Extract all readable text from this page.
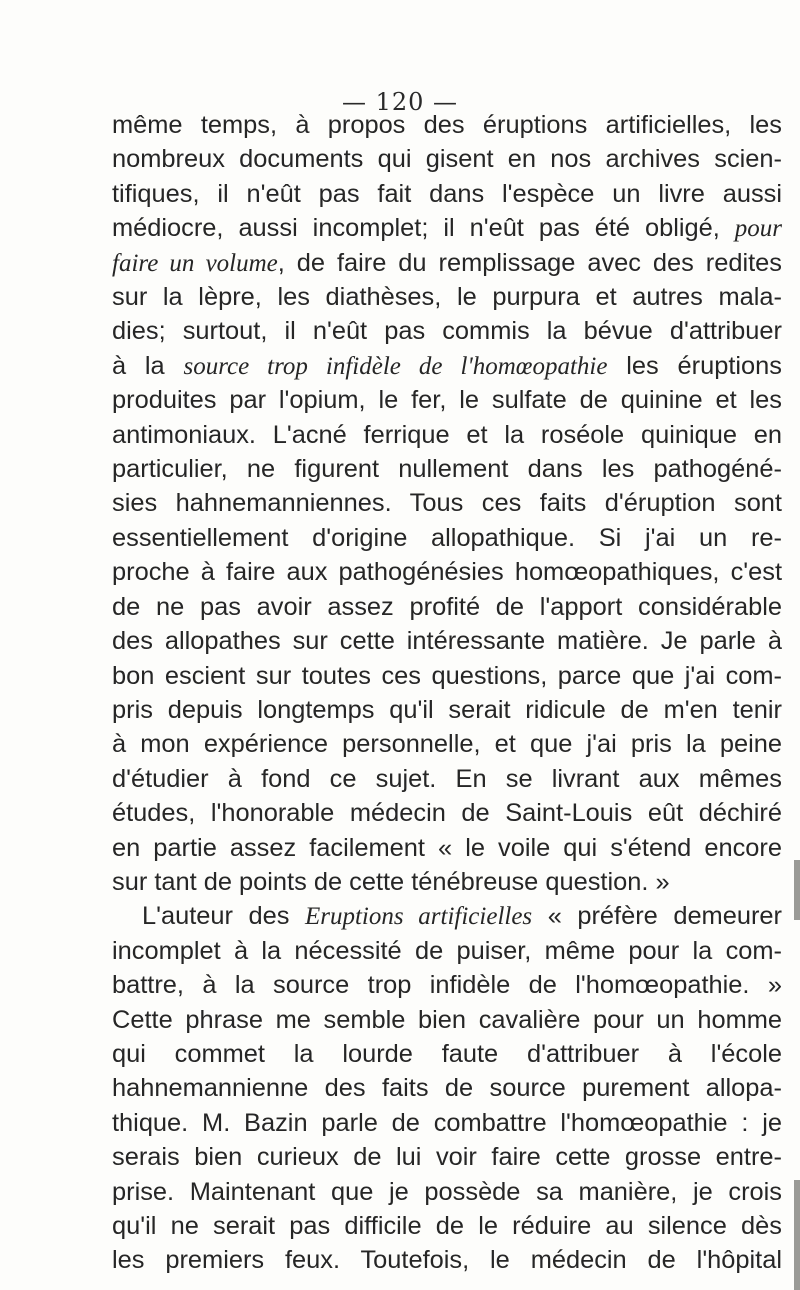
— 120 —
même temps, à propos des éruptions artificielles, les
nombreux documents qui gisent en nos archives scien-
tifiques, il n'eût pas fait dans l'espèce un livre aussi
médiocre, aussi incomplet; il n'eût pas été obligé, pour
faire un volume, de faire du remplissage avec des redites
sur la lèpre, les diathèses, le purpura et autres mala-
dies; surtout, il n'eût pas commis la bévue d'attribuer
à la source trop infidèle de l'homœopathie les éruptions
produites par l'opium, le fer, le sulfate de quinine et les
antimoniaux. L'acné ferrique et la roséole quinique en
particulier, ne figurent nullement dans les pathogéné-
sies hahnemanniennes. Tous ces faits d'éruption sont
essentiellement d'origine allopathique. Si j'ai un re-
proche à faire aux pathogénésies homœopathiques, c'est
de ne pas avoir assez profité de l'apport considérable
des allopathes sur cette intéressante matière. Je parle à
bon escient sur toutes ces questions, parce que j'ai com-
pris depuis longtemps qu'il serait ridicule de m'en tenir
à mon expérience personnelle, et que j'ai pris la peine
d'étudier à fond ce sujet. En se livrant aux mêmes
études, l'honorable médecin de Saint-Louis eût déchiré
en partie assez facilement « le voile qui s'étend encore
sur tant de points de cette ténébreuse question. »
L'auteur des Eruptions artificielles « préfère demeurer
incomplet à la nécessité de puiser, même pour la com-
battre, à la source trop infidèle de l'homœopathie. »
Cette phrase me semble bien cavalière pour un homme
qui commet la lourde faute d'attribuer à l'école
hahnemannienne des faits de source purement allopa-
thique. M. Bazin parle de combattre l'homœopathie : je
serais bien curieux de lui voir faire cette grosse entre-
prise. Maintenant que je possède sa manière, je crois
qu'il ne serait pas difficile de le réduire au silence dès
les premiers feux. Toutefois, le médecin de l'hôpital
